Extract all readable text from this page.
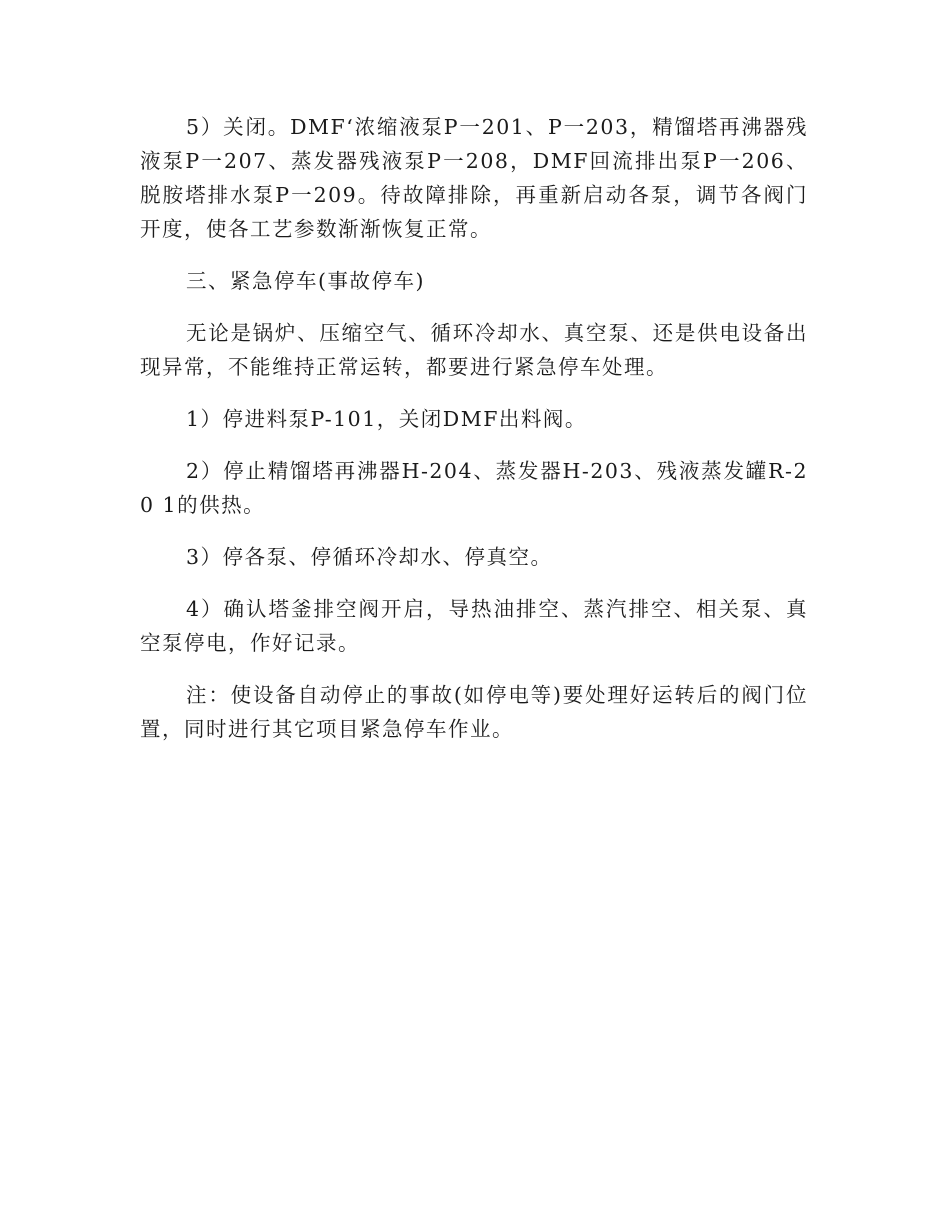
5）关闭。DMF‘浓缩液泵P一201、P一203，精馏塔再沸器残液泵P一207、蒸发器残液泵P一208，DMF回流排出泵P一206、脱胺塔排水泵P一209。待故障排除，再重新启动各泵，调节各阀门开度，使各工艺参数渐渐恢复正常。

三、紧急停车(事故停车)

无论是锅炉、压缩空气、循环冷却水、真空泵、还是供电设备出现异常，不能维持正常运转，都要进行紧急停车处理。

1）停进料泵P-101，关闭DMF出料阀。

2）停止精馏塔再沸器H-204、蒸发器H-203、残液蒸发罐R-20 1的供热。

3）停各泵、停循环冷却水、停真空。

4）确认塔釜排空阀开启，导热油排空、蒸汽排空、相关泵、真空泵停电，作好记录。

注：使设备自动停止的事故(如停电等)要处理好运转后的阀门位置，同时进行其它项目紧急停车作业。
